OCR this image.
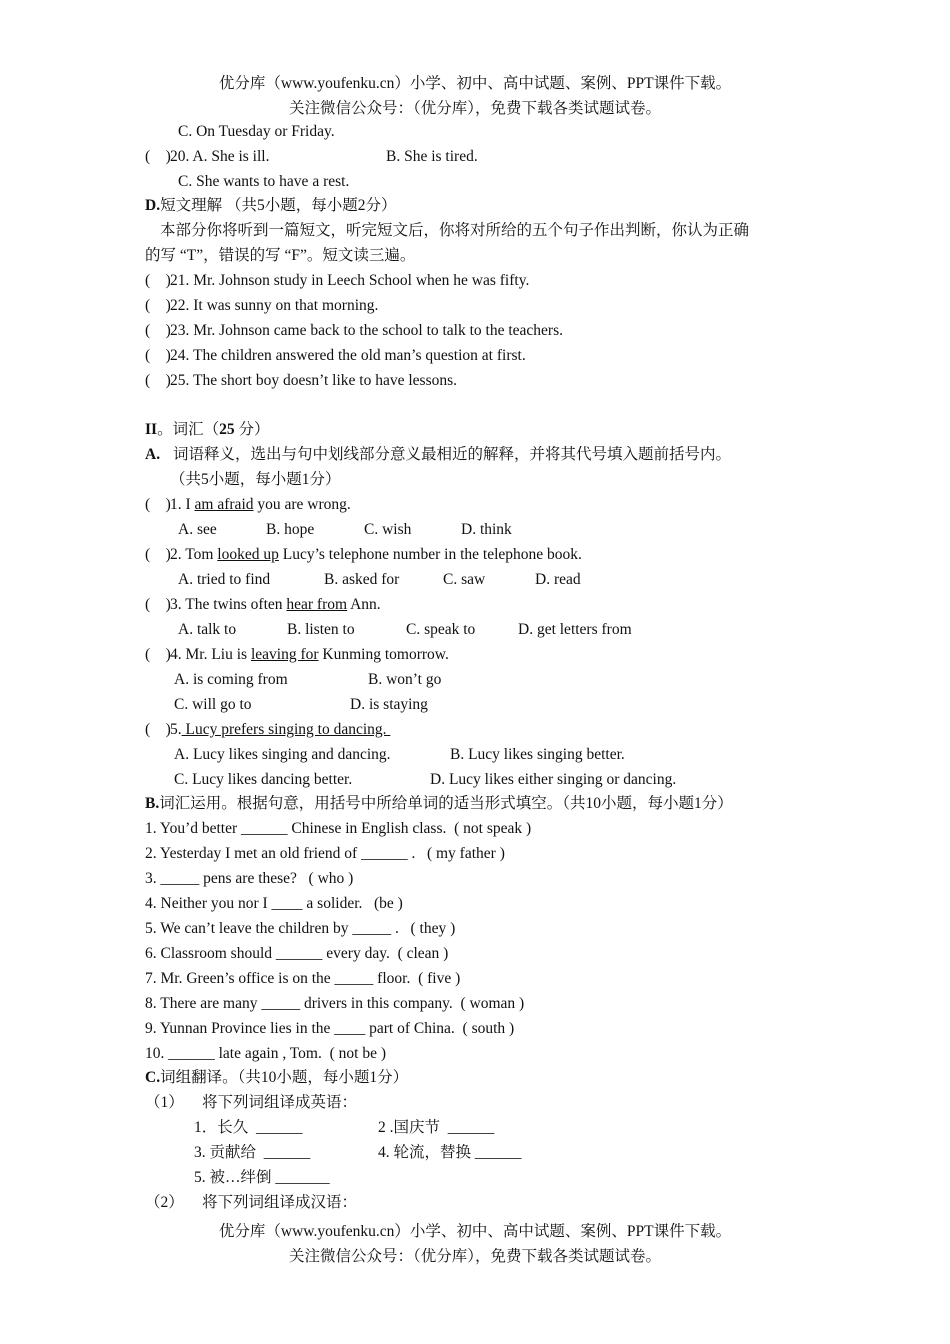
优分库（www.youfenku.cn）小学、初中、高中试题、案例、PPT课件下载。
关注微信公众号：（优分库），免费下载各类试题试卷。
C. On Tuesday or Friday.
(    ) 20. A. She is ill.	B. She is tired.
C. She wants to have a rest.
D.短文理解 （共5小题，每小题2分）
本部分你将听到一篇短文，听完短文后，你将对所给的五个句子作出判断，你认为正确
的写 “T”，错误的写 “F”。短文读三遍。
(    ) 21. Mr. Johnson study in Leech School when he was fifty.
(    ) 22. It was sunny on that morning.
(    ) 23. Mr. Johnson came back to the school to talk to the teachers.
(    ) 24. The children answered the old man’s question at first.
(    ) 25. The short boy doesn’t like to have lessons.
II。词汇（25 分）
A. 词语释义，选出与句中划线部分意义最相近的解释，并将其代号填入题前括号内。
（共5小题，每小题1分）
(    ) 1. I am afraid you are wrong.
A. see	B. hope	C. wish	D. think
(    ) 2. Tom looked up Lucy’s telephone number in the telephone book.
A. tried to find	B. asked for	C. saw	D. read
(    ) 3. The twins often hear from Ann.
A. talk to	B. listen to	C. speak to	D. get letters from
(    ) 4. Mr. Liu is leaving for Kunming tomorrow.
A. is coming from	B. won’t go
C. will go to	D. is staying
(    ) 5. Lucy prefers singing to dancing.
A. Lucy likes singing and dancing.	B. Lucy likes singing better.
C. Lucy likes dancing better.	D. Lucy likes either singing or dancing.
B.词汇运用。根据句意，用括号中所给单词的适当形式填空。（共10小题，每小题1分）
1. You’d better ______ Chinese in English class.  ( not speak )
2. Yesterday I met an old friend of ______ .   ( my father )
3. _____ pens are these?   ( who )
4. Neither you nor I ____ a solider.   (be )
5. We can’t leave the children by _____ .   ( they )
6. Classroom should ______ every day.  ( clean )
7. Mr. Green’s office is on the _____ floor.  ( five )
8. There are many _____ drivers in this company.  ( woman )
9. Yunnan Province lies in the ____ part of China.  ( south )
10. ______ late again , Tom.  ( not be )
C.词组翻译。（共10小题，每小题1分）
（1） 将下列词组译成英语：
1．长久  ______	2 .国庆节  ______
3. 贡献给  ______	4. 轮流，替换 ______
5. 被…绊倒 _______
（2） 将下列词组译成汉语：
优分库（www.youfenku.cn）小学、初中、高中试题、案例、PPT课件下载。
关注微信公众号：（优分库），免费下载各类试题试卷。
